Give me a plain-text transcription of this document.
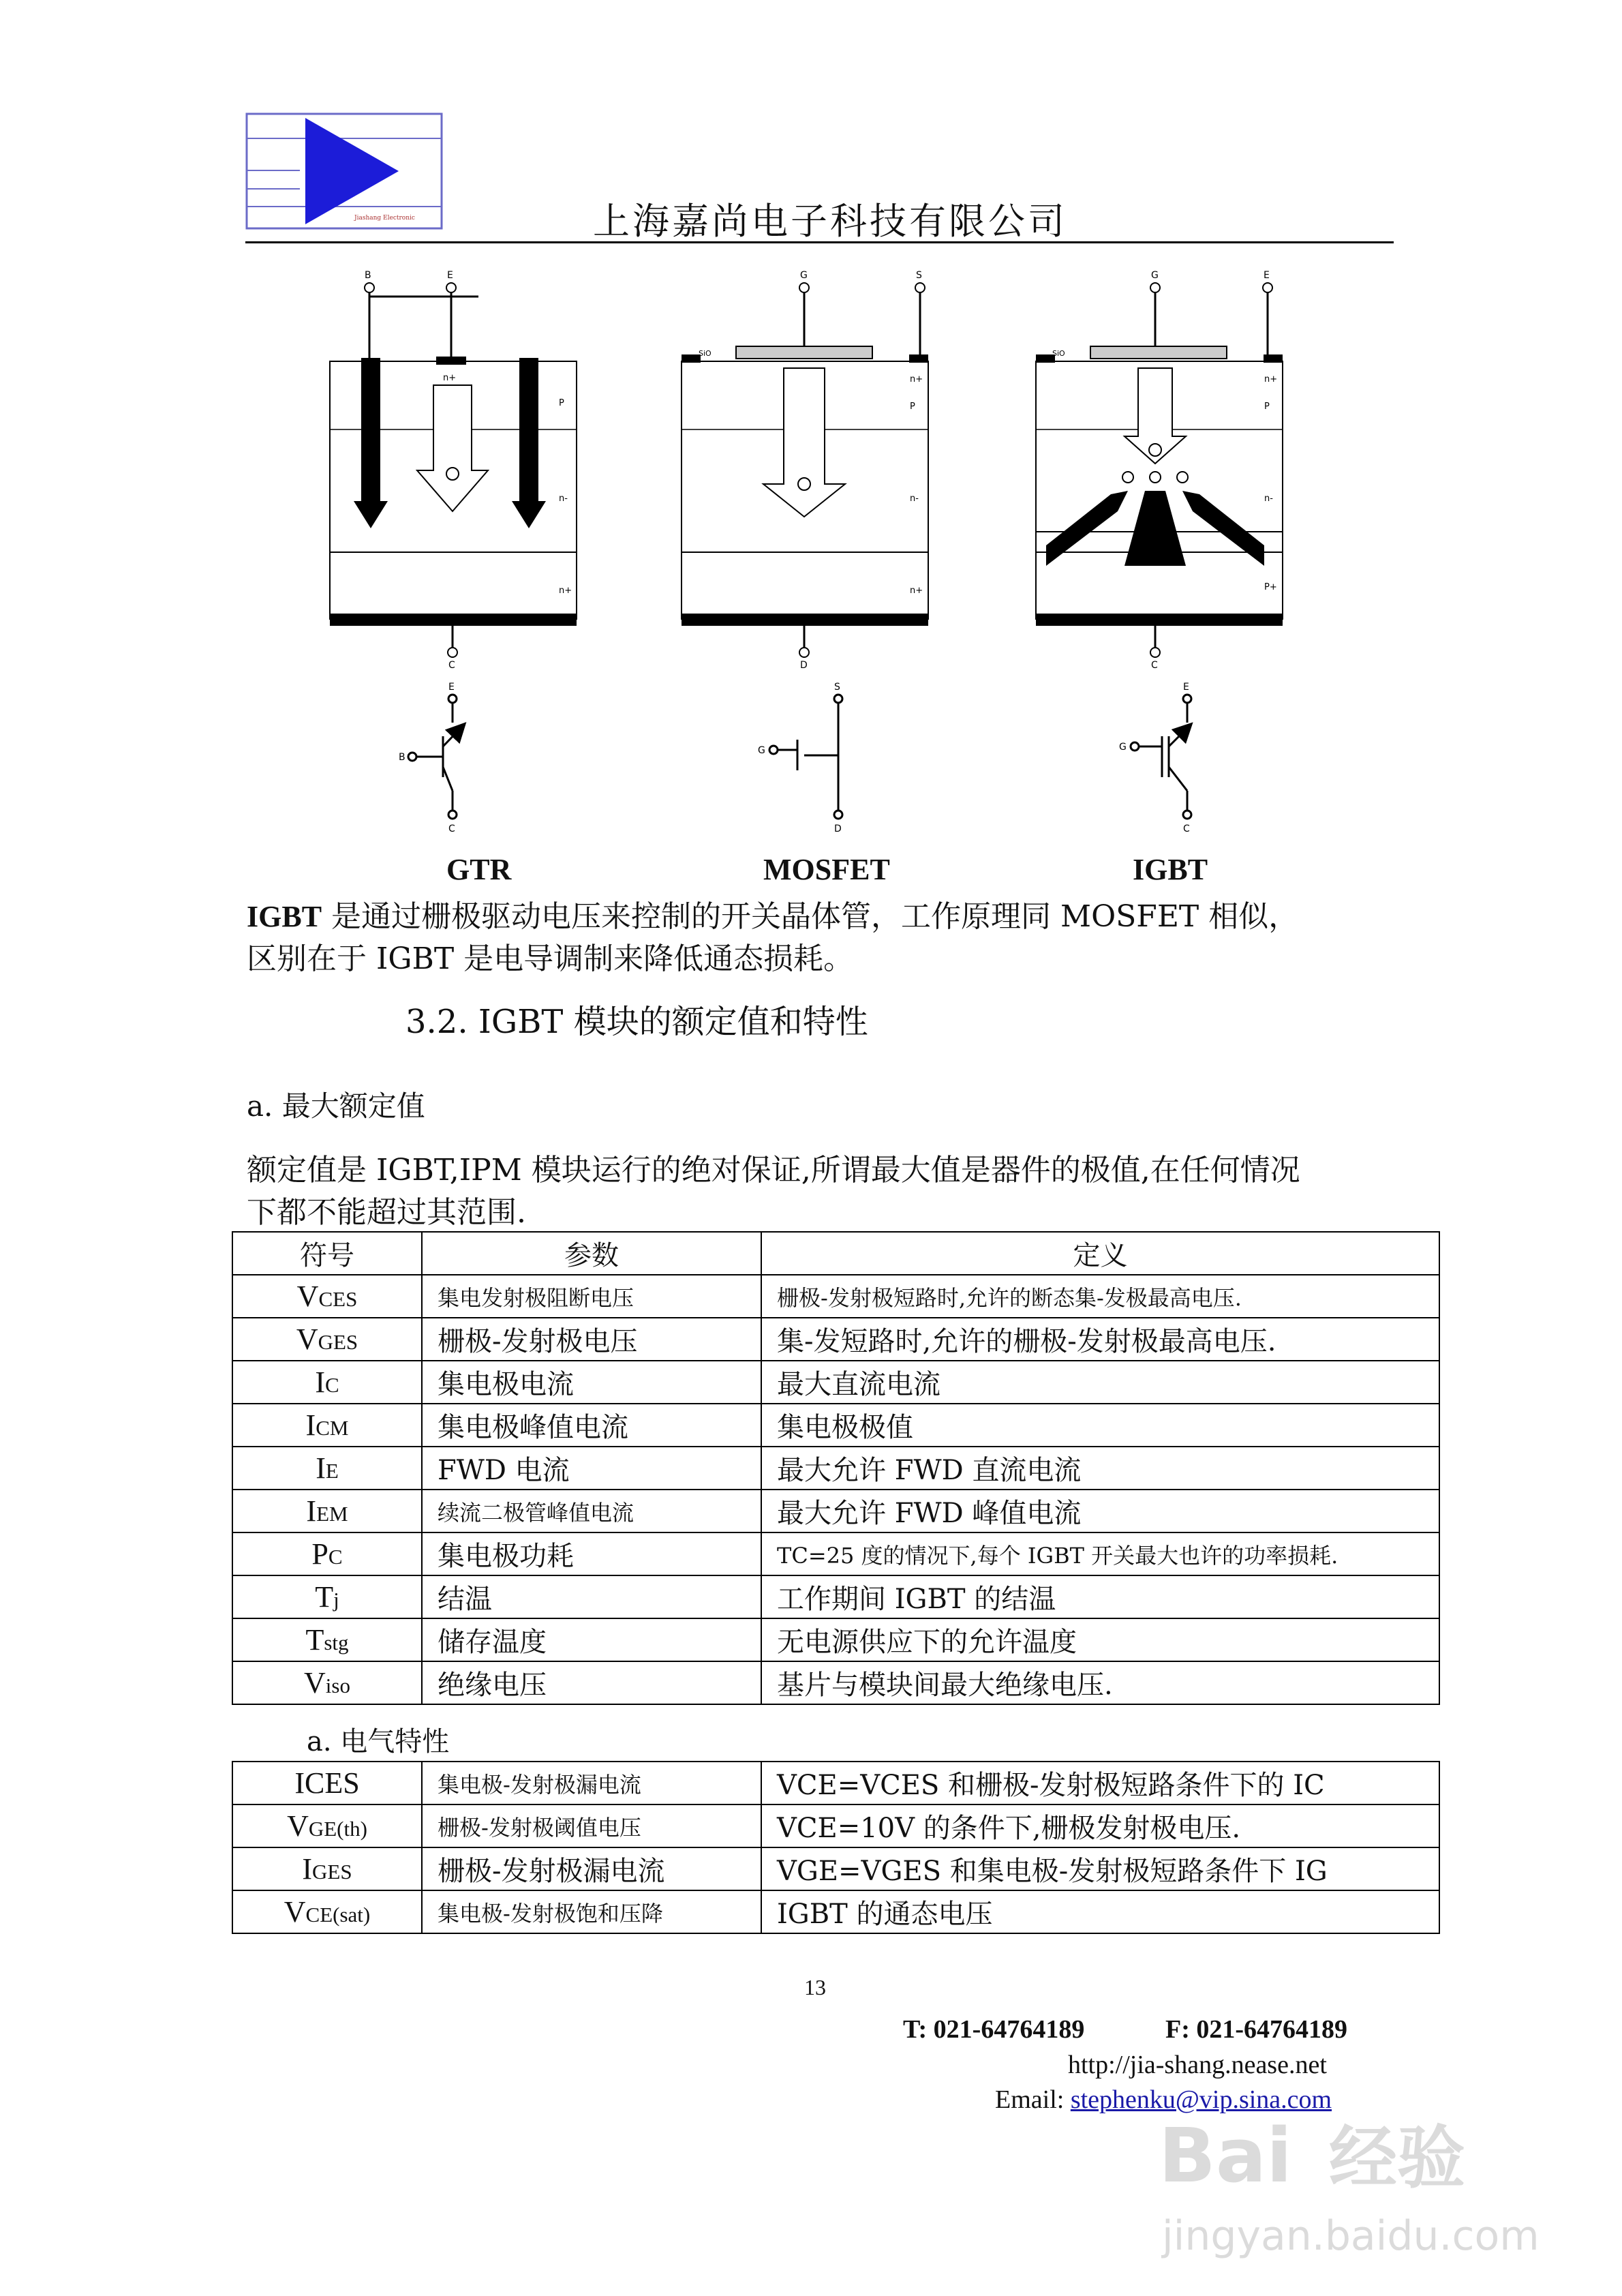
Jiashang Electronic	上海嘉尚电子科技有限公司
B	E
n+
P
n-
n+
C
G	S
SiO
n+
P
n-
n+
D
G	E
SiO
n+
P
n-
P+
C
E
B
C
S
G
D
E
G
C
GTR	MOSFET	IGBT
IGBT 是通过栅极驱动电压来控制的开关晶体管，工作原理同 MOSFET 相似，
区别在于 IGBT 是电导调制来降低通态损耗。
3.2. IGBT 模块的额定值和特性
a. 最大额定值
额定值是 IGBT,IPM 模块运行的绝对保证,所谓最大值是器件的极值,在任何情况
下都不能超过其范围.
符号	参数	定义
VCES	集电发射极阻断电压	栅极-发射极短路时,允许的断态集-发极最高电压.
VGES	栅极-发射极电压	集-发短路时,允许的栅极-发射极最高电压.
IC	集电极电流	最大直流电流
ICM	集电极峰值电流	集电极极值
IE	FWD 电流	最大允许 FWD 直流电流
IEM	续流二极管峰值电流	最大允许 FWD 峰值电流
PC	集电极功耗	TC=25 度的情况下,每个 IGBT 开关最大也许的功率损耗.
Tj	结温	工作期间 IGBT 的结温
Tstg	储存温度	无电源供应下的允许温度
Viso	绝缘电压	基片与模块间最大绝缘电压.
a. 电气特性
ICES	集电极-发射极漏电流	VCE=VCES 和栅极-发射极短路条件下的 IC
VGE(th)	栅极-发射极阈值电压	VCE=10V 的条件下,栅极发射极电压.
IGES	栅极-发射极漏电流	VGE=VGES 和集电极-发射极短路条件下 IG
VCE(sat)	集电极-发射极饱和压降	IGBT 的通态电压
13
T: 021-64764189	F: 021-64764189
http://jia-shang.nease.net
Email: stephenku@vip.sina.com
Bai 经验
jingyan.baidu.com
